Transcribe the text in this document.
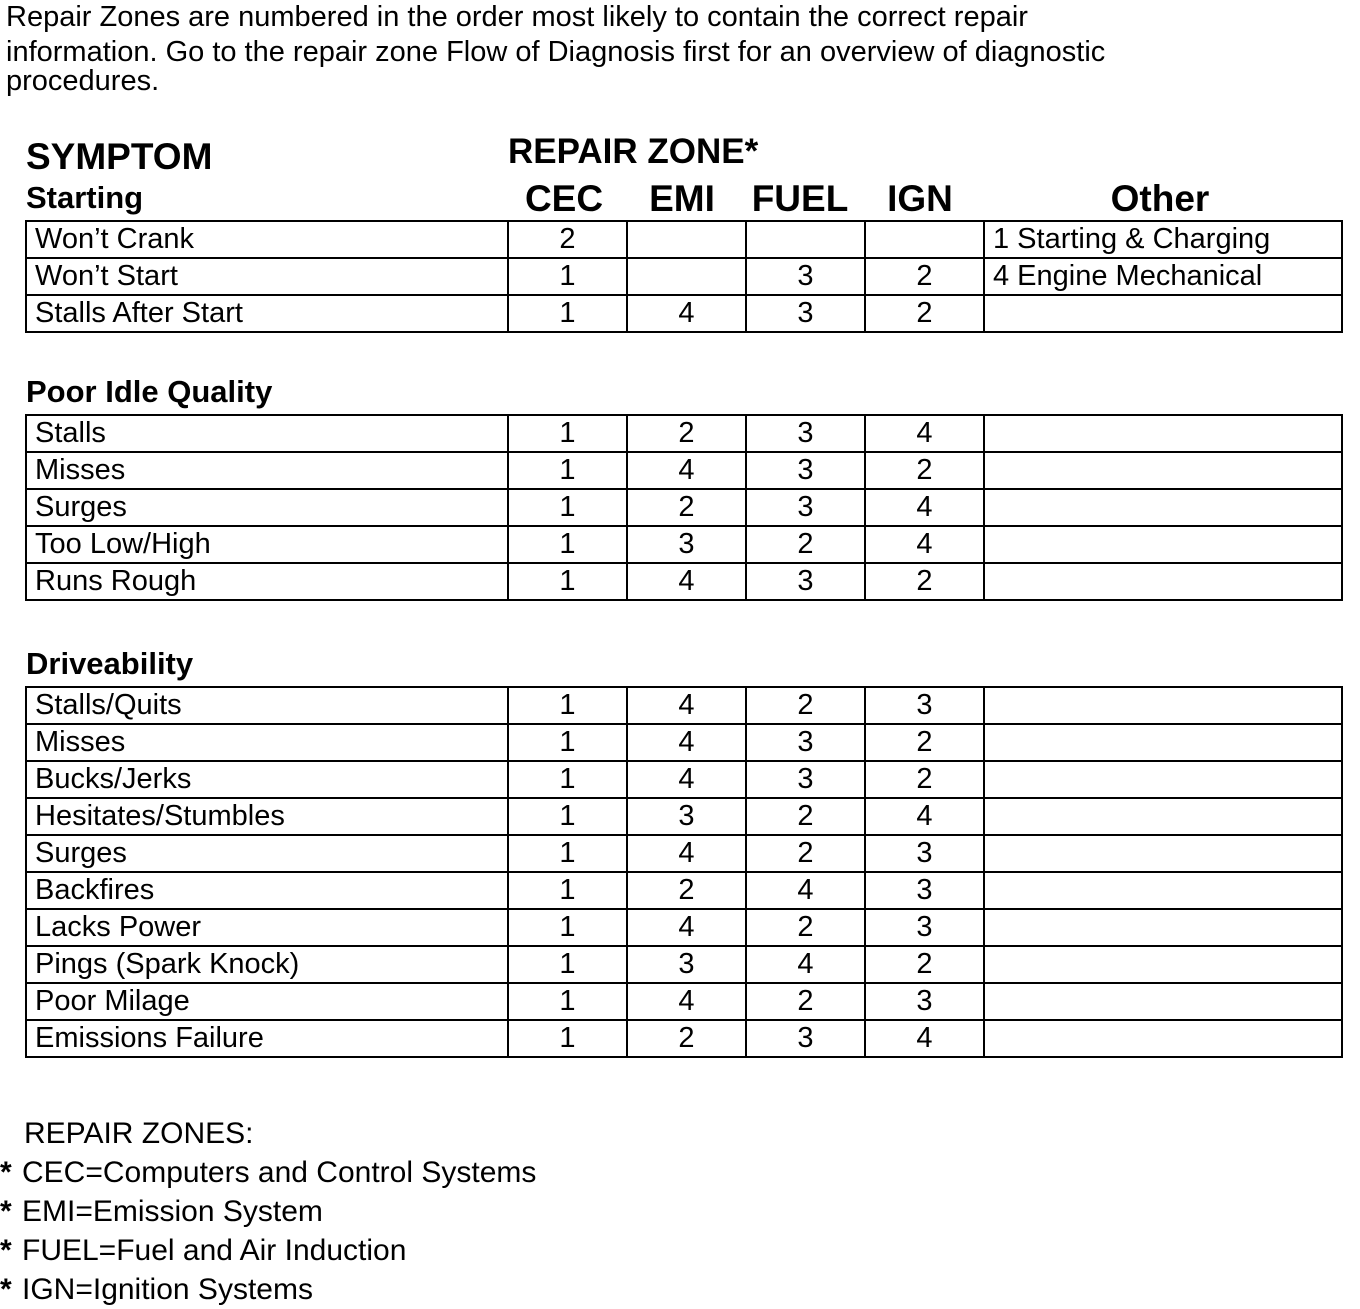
Repair Zones are numbered in the order most likely to contain the correct repair

information. Go to the repair zone Flow of Diagnosis first for an overview of diagnostic

procedures.

SYMPTOM	REPAIR ZONE*
Starting	CEC	EMI FUEL	IGN	Other
Won’t Crank	2				1 Starting & Charging
Won’t Start	1		3	2	4 Engine Mechanical
Stalls After Start	1	4	3	2	
Poor Idle Quality
Stalls	1	2	3	4	
Misses	1	4	3	2	
Surges	1	2	3	4	
Too Low/High	1	3	2	4	
Runs Rough	1	4	3	2	
Driveability
Stalls/Quits	1	4	2	3	
Misses	1	4	3	2	
Bucks/Jerks	1	4	3	2	
Hesitates/Stumbles	1	3	2	4	
Surges	1	4	2	3	
Backfires	1	2	4	3	
Lacks Power	1	4	2	3	
Pings (Spark Knock)	1	3	4	2	
Poor Milage	1	4	2	3	
Emissions Failure	1	2	3	4	
REPAIR ZONES:
* CEC=Computers and Control Systems
* EMI=Emission System
* FUEL=Fuel and Air Induction
* IGN=Ignition Systems
